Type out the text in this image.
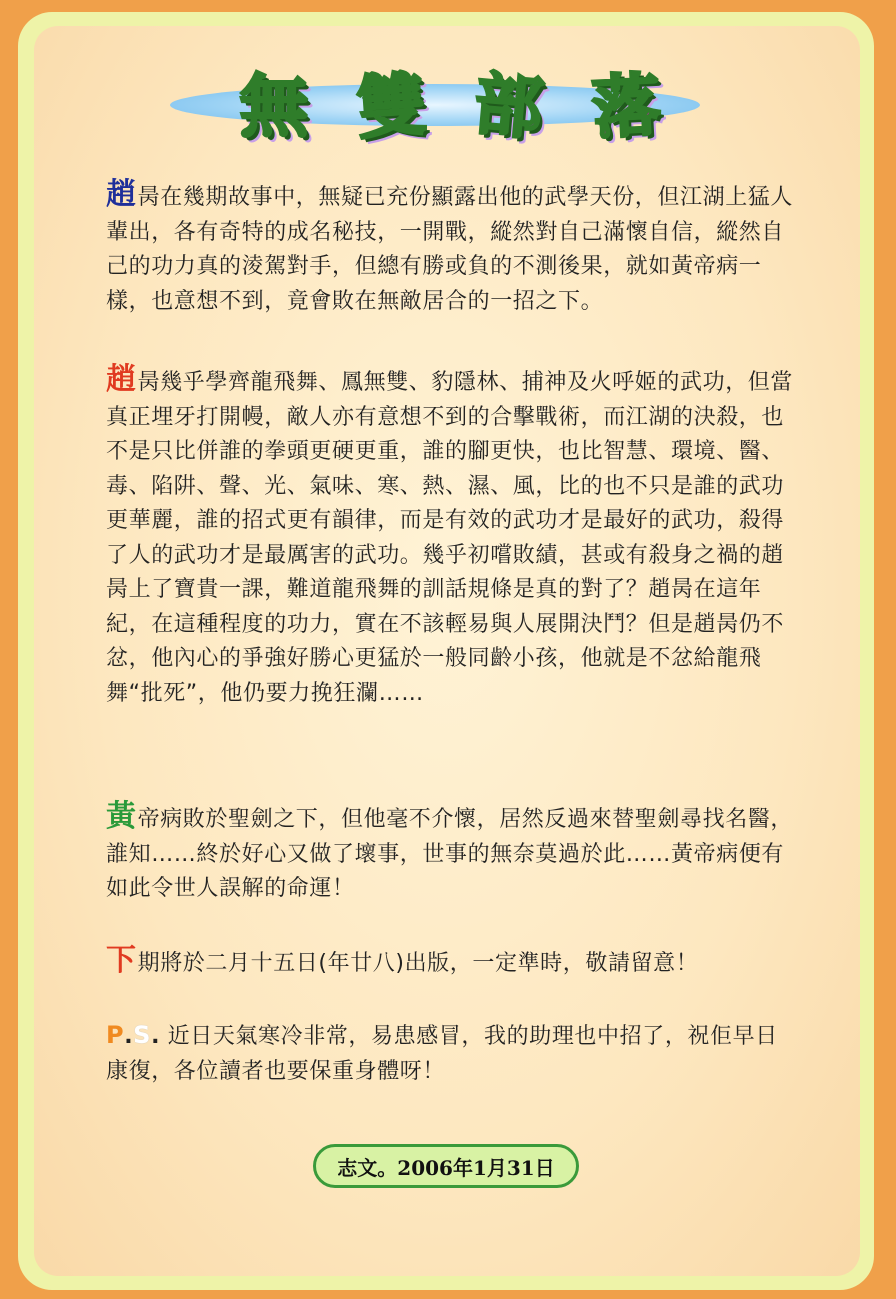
無 雙 部 落
趙昺在幾期故事中，無疑已充份顯露出他的武學天份，但江湖上猛人輩出，各有奇特的成名秘技，一開戰，縱然對自己滿懷自信，縱然自己的功力真的淩駕對手，但總有勝或負的不測後果，就如黃帝病一樣，也意想不到，竟會敗在無敵居合的一招之下。
趙昺幾乎學齊龍飛舞、鳳無雙、豹隱林、捕神及火呼姬的武功，但當真正埋牙打開幔，敵人亦有意想不到的合擊戰術，而江湖的決殺，也不是只比併誰的拳頭更硬更重，誰的腳更快，也比智慧、環境、醫、毒、陷阱、聲、光、氣味、寒、熱、濕、風，比的也不只是誰的武功更華麗，誰的招式更有韻律，而是有效的武功才是最好的武功，殺得了人的武功才是最厲害的武功。幾乎初嚐敗績，甚或有殺身之禍的趙昺上了寶貴一課，難道龍飛舞的訓話規條是真的對了？趙昺在這年紀，在這種程度的功力，實在不該輕易與人展開決鬥？但是趙昺仍不忿，他內心的爭強好勝心更猛於一般同齡小孩，他就是不忿給龍飛舞“批死”，他仍要力挽狂瀾……
黃帝病敗於聖劍之下，但他毫不介懷，居然反過來替聖劍尋找名醫，誰知……終於好心又做了壞事，世事的無奈莫過於此……黃帝病便有如此令世人誤解的命運！
下期將於二月十五日(年廿八)出版，一定準時，敬請留意！
P.S. 近日天氣寒冷非常，易患感冒，我的助理也中招了，祝佢早日康復，各位讀者也要保重身體呀！
志文。2006年1月31日
